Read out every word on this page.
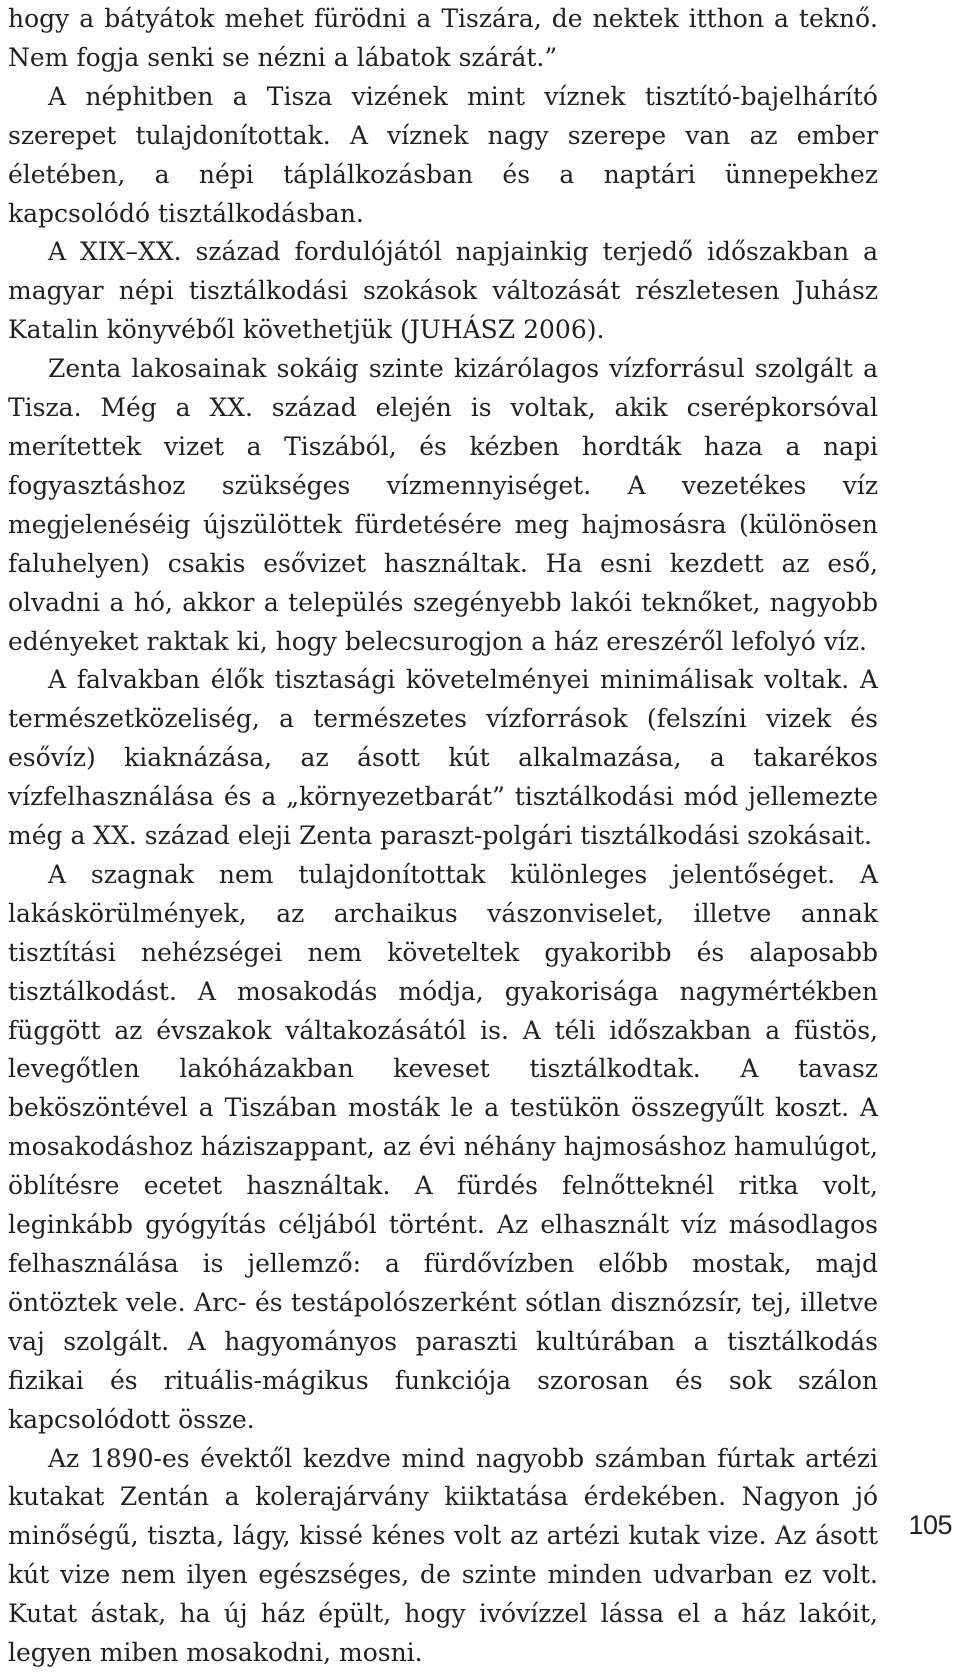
hogy a bátyátok mehet fürödni a Tiszára, de nektek itthon a teknő. Nem fogja senki se nézni a lábatok szárát.”

A néphitben a Tisza vizének mint víznek tisztító-bajelhárító szerepet tulajdonítottak. A víznek nagy szerepe van az ember életében, a népi táplálkozásban és a naptári ünnepekhez kapcsolódó tisztálkodásban.

A XIX–XX. század fordulójától napjainkig terjedő időszakban a magyar népi tisztálkodási szokások változását részletesen Juhász Katalin könyvéből követhetjük (JUHÁSZ 2006).

Zenta lakosainak sokáig szinte kizárólagos vízforrásul szolgált a Tisza. Még a XX. század elején is voltak, akik cserépkorsóval merítettek vizet a Tiszából, és kézben hordták haza a napi fogyasztáshoz szükséges vízmennyiséget. A vezetékes víz megjelenéséig újszülöttek fürdetésére meg hajmosásra (különösen faluhelyen) csakis esővizet használtak. Ha esni kezdett az eső, olvadni a hó, akkor a település szegényebb lakói teknőket, nagyobb edényeket raktak ki, hogy belecsurogjon a ház ereszéről lefolyó víz.

A falvakban élők tisztasági követelményei minimálisak voltak. A természetközeliség, a természetes vízforrások (felszíni vizek és esővíz) kiaknázása, az ásott kút alkalmazása, a takarékos vízfelhasználása és a „környezetbarát” tisztálkodási mód jellemezte még a XX. század eleji Zenta paraszt-polgári tisztálkodási szokásait.

A szagnak nem tulajdonítottak különleges jelentőséget. A lakáskörülmények, az archaikus vászonviselet, illetve annak tisztítási nehézségei nem követeltek gyakoribb és alaposabb tisztálkodást. A mosakodás módja, gyakorisága nagymértékben függött az évszakok váltakozásától is. A téli időszakban a füstös, levegőtlen lakóházakban keveset tisztálkodtak. A tavasz beköszöntével a Tiszában mosták le a testükön összegyűlt koszt. A mosakodáshoz háziszappant, az évi néhány hajmosáshoz hamulúgot, öblítésre ecetet használtak. A fürdés felnőtteknél ritka volt, leginkább gyógyítás céljából történt. Az elhasznált víz másodlagos felhasználása is jellemző: a fürdővízben előbb mostak, majd öntöztek vele. Arc- és testápolószerként sótlan disznózsír, tej, illetve vaj szolgált. A hagyományos paraszti kultúrában a tisztálkodás fizikai és rituális-mágikus funkciója szorosan és sok szálon kapcsolódott össze.

Az 1890-es évektől kezdve mind nagyobb számban fúrtak artézi kutakat Zentán a kolerajárvány kiiktatása érdekében. Nagyon jó minőségű, tiszta, lágy, kissé kénes volt az artézi kutak vize. Az ásott kút vize nem ilyen egészséges, de szinte minden udvarban ez volt. Kutat ástak, ha új ház épült, hogy ivóvízzel lássa el a ház lakóit, legyen miben mosakodni, mosni.

105
